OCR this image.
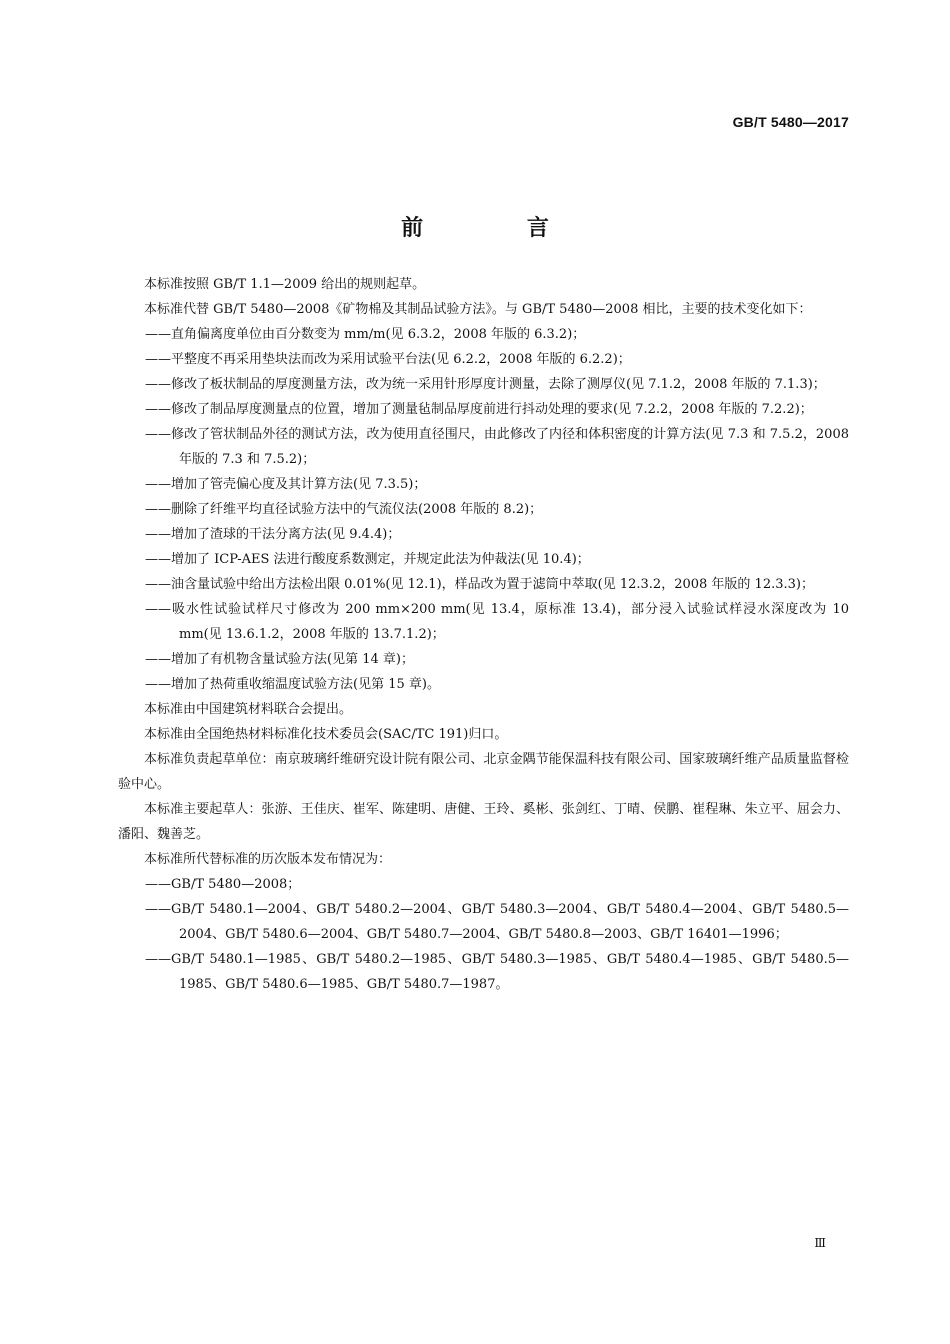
GB/T 5480—2017
前 言

本标准按照 GB/T 1.1—2009 给出的规则起草。

本标准代替 GB/T 5480—2008《矿物棉及其制品试验方法》。与 GB/T 5480—2008 相比，主要的技术变化如下：

——直角偏离度单位由百分数变为 mm/m(见 6.3.2，2008 年版的 6.3.2)；

——平整度不再采用垫块法而改为采用试验平台法(见 6.2.2，2008 年版的 6.2.2)；

——修改了板状制品的厚度测量方法，改为统一采用针形厚度计测量，去除了测厚仪(见 7.1.2，2008 年版的 7.1.3)；

——修改了制品厚度测量点的位置，增加了测量毡制品厚度前进行抖动处理的要求(见 7.2.2，2008 年版的 7.2.2)；

——修改了管状制品外径的测试方法，改为使用直径围尺，由此修改了内径和体积密度的计算方法(见 7.3 和 7.5.2，2008 年版的 7.3 和 7.5.2)；

——增加了管壳偏心度及其计算方法(见 7.3.5)；

——删除了纤维平均直径试验方法中的气流仪法(2008 年版的 8.2)；

——增加了渣球的干法分离方法(见 9.4.4)；

——增加了 ICP-AES 法进行酸度系数测定，并规定此法为仲裁法(见 10.4)；

——油含量试验中给出方法检出限 0.01%(见 12.1)，样品改为置于滤筒中萃取(见 12.3.2，2008 年版的 12.3.3)；

——吸水性试验试样尺寸修改为 200 mm×200 mm(见 13.4，原标准 13.4)，部分浸入试验试样浸水深度改为 10 mm(见 13.6.1.2，2008 年版的 13.7.1.2)；

——增加了有机物含量试验方法(见第 14 章)；

——增加了热荷重收缩温度试验方法(见第 15 章)。

本标准由中国建筑材料联合会提出。

本标准由全国绝热材料标准化技术委员会(SAC/TC 191)归口。

本标准负责起草单位：南京玻璃纤维研究设计院有限公司、北京金隅节能保温科技有限公司、国家玻璃纤维产品质量监督检验中心。

本标准主要起草人：张游、王佳庆、崔军、陈建明、唐健、王玲、奚彬、张剑红、丁晴、侯鹏、崔程琳、朱立平、屈会力、潘阳、魏善芝。

本标准所代替标准的历次版本发布情况为：

——GB/T 5480—2008；

——GB/T 5480.1—2004、GB/T 5480.2—2004、GB/T 5480.3—2004、GB/T 5480.4—2004、GB/T 5480.5— 2004、GB/T 5480.6—2004、GB/T 5480.7—2004、GB/T 5480.8—2003、GB/T 16401—1996；

——GB/T 5480.1—1985、GB/T 5480.2—1985、GB/T 5480.3—1985、GB/T 5480.4—1985、GB/T 5480.5—1985、GB/T 5480.6—1985、GB/T 5480.7—1987。

Ⅲ
